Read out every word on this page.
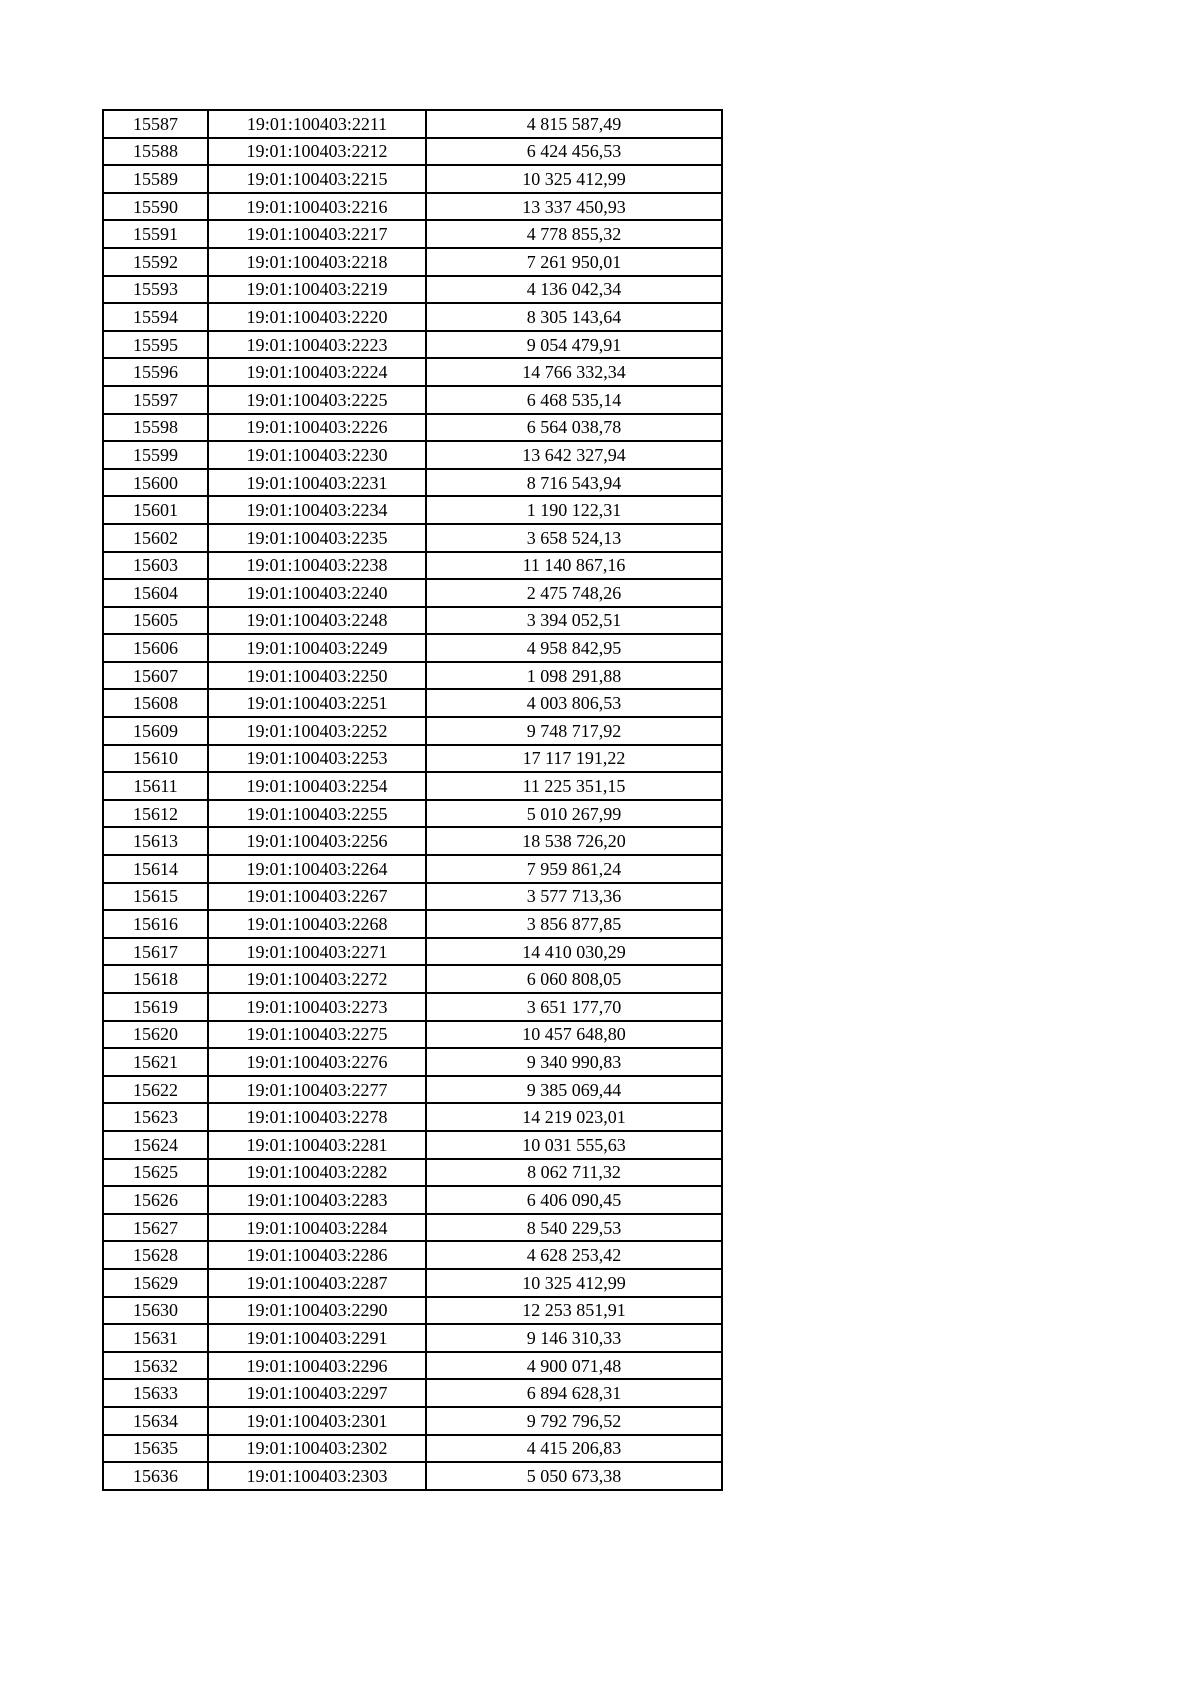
15587	19:01:100403:2211	4 815 587,49
15588	19:01:100403:2212	6 424 456,53
15589	19:01:100403:2215	10 325 412,99
15590	19:01:100403:2216	13 337 450,93
15591	19:01:100403:2217	4 778 855,32
15592	19:01:100403:2218	7 261 950,01
15593	19:01:100403:2219	4 136 042,34
15594	19:01:100403:2220	8 305 143,64
15595	19:01:100403:2223	9 054 479,91
15596	19:01:100403:2224	14 766 332,34
15597	19:01:100403:2225	6 468 535,14
15598	19:01:100403:2226	6 564 038,78
15599	19:01:100403:2230	13 642 327,94
15600	19:01:100403:2231	8 716 543,94
15601	19:01:100403:2234	1 190 122,31
15602	19:01:100403:2235	3 658 524,13
15603	19:01:100403:2238	11 140 867,16
15604	19:01:100403:2240	2 475 748,26
15605	19:01:100403:2248	3 394 052,51
15606	19:01:100403:2249	4 958 842,95
15607	19:01:100403:2250	1 098 291,88
15608	19:01:100403:2251	4 003 806,53
15609	19:01:100403:2252	9 748 717,92
15610	19:01:100403:2253	17 117 191,22
15611	19:01:100403:2254	11 225 351,15
15612	19:01:100403:2255	5 010 267,99
15613	19:01:100403:2256	18 538 726,20
15614	19:01:100403:2264	7 959 861,24
15615	19:01:100403:2267	3 577 713,36
15616	19:01:100403:2268	3 856 877,85
15617	19:01:100403:2271	14 410 030,29
15618	19:01:100403:2272	6 060 808,05
15619	19:01:100403:2273	3 651 177,70
15620	19:01:100403:2275	10 457 648,80
15621	19:01:100403:2276	9 340 990,83
15622	19:01:100403:2277	9 385 069,44
15623	19:01:100403:2278	14 219 023,01
15624	19:01:100403:2281	10 031 555,63
15625	19:01:100403:2282	8 062 711,32
15626	19:01:100403:2283	6 406 090,45
15627	19:01:100403:2284	8 540 229,53
15628	19:01:100403:2286	4 628 253,42
15629	19:01:100403:2287	10 325 412,99
15630	19:01:100403:2290	12 253 851,91
15631	19:01:100403:2291	9 146 310,33
15632	19:01:100403:2296	4 900 071,48
15633	19:01:100403:2297	6 894 628,31
15634	19:01:100403:2301	9 792 796,52
15635	19:01:100403:2302	4 415 206,83
15636	19:01:100403:2303	5 050 673,38
